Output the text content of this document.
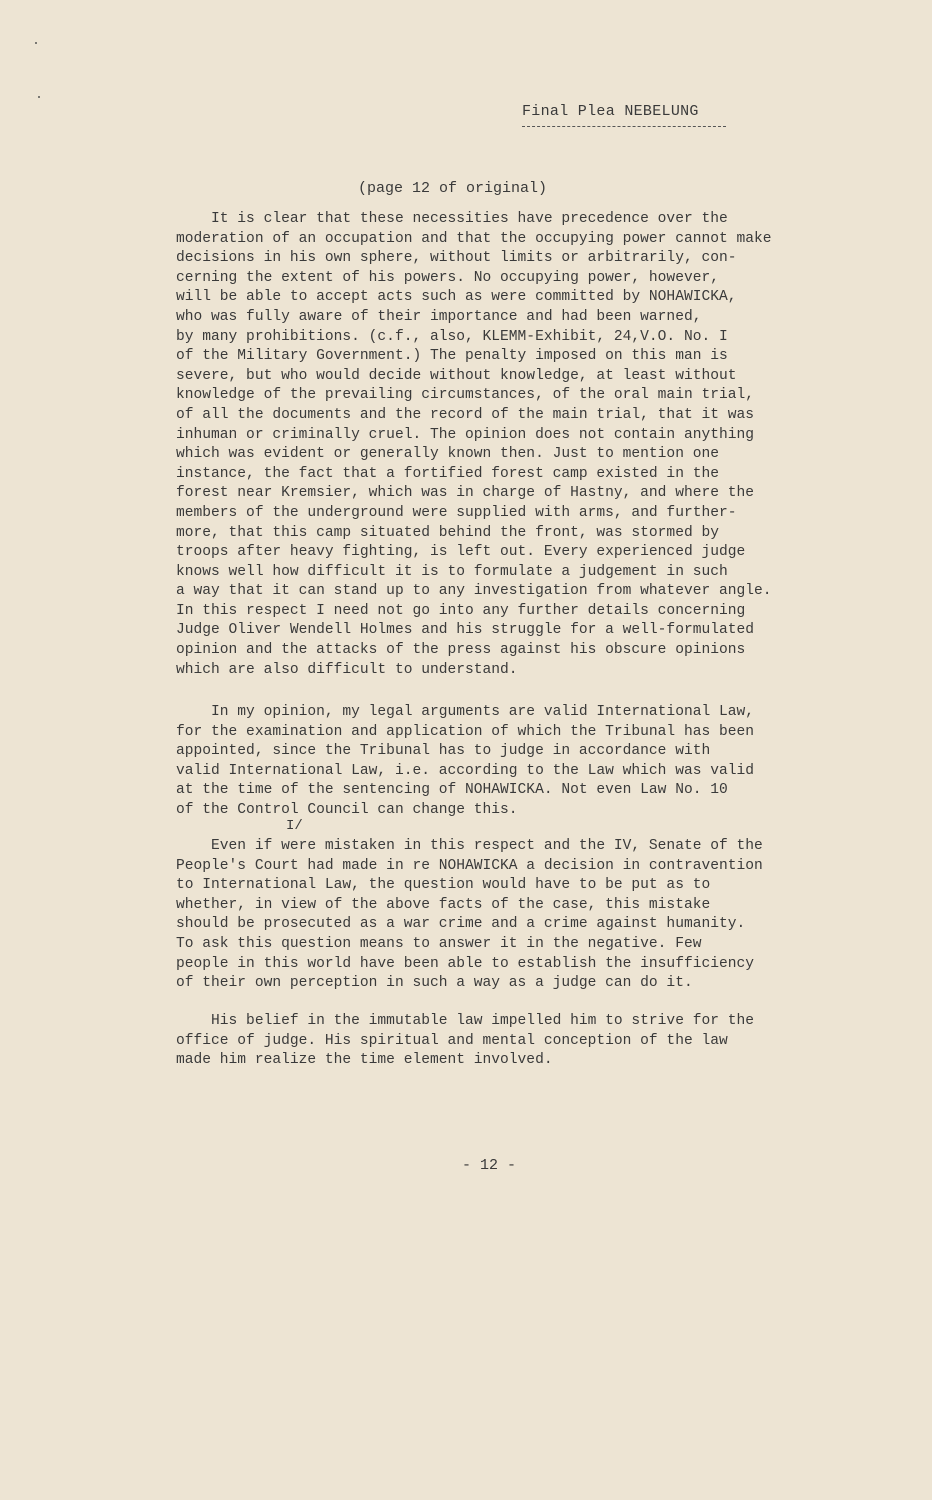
Final Plea NEBELUNG
(page 12 of original)
It is clear that these necessities have precedence over the
moderation of an occupation and that the occupying power cannot make
decisions in his own sphere, without limits or arbitrarily, con-
cerning the extent of his powers. No occupying power, however,
will be able to accept acts such as were committed by NOHAWICKA,
who was fully aware of their importance and had been warned,
by many prohibitions. (c.f., also, KLEMM-Exhibit, 24,V.O. No. I
of the Military Government.) The penalty imposed on this man is
severe, but who would decide without knowledge, at least without
knowledge of the prevailing circumstances, of the oral main trial,
of all the documents and the record of the main trial, that it was
inhuman or criminally cruel. The opinion does not contain anything
which was evident or generally known then. Just to mention one
instance, the fact that a fortified forest camp existed in the
forest near Kremsier, which was in charge of Hastny, and where the
members of the underground were supplied with arms, and further-
more, that this camp situated behind the front, was stormed by
troops after heavy fighting, is left out. Every experienced judge
knows well how difficult it is to formulate a judgement in such
a way that it can stand up to any investigation from whatever angle.
In this respect I need not go into any further details concerning
Judge Oliver Wendell Holmes and his struggle for a well-formulated
opinion and the attacks of the press against his obscure opinions
which are also difficult to understand.
In my opinion, my legal arguments are valid International Law,
for the examination and application of which the Tribunal has been
appointed, since the Tribunal has to judge in accordance with
valid International Law, i.e. according to the Law which was valid
at the time of the sentencing of NOHAWICKA. Not even Law No. 10
of the Control Council can change this.
I/
Even if were mistaken in this respect and the IV, Senate of the
People's Court had made in re NOHAWICKA a decision in contravention
to International Law, the question would have to be put as to
whether, in view of the above facts of the case, this mistake
should be prosecuted as a war crime and a crime against humanity.
To ask this question means to answer it in the negative. Few
people in this world have been able to establish the insufficiency
of their own perception in such a way as a judge can do it.
His belief in the immutable law impelled him to strive for the
office of judge. His spiritual and mental conception of the law
made him realize the time element involved.
- 12 -
